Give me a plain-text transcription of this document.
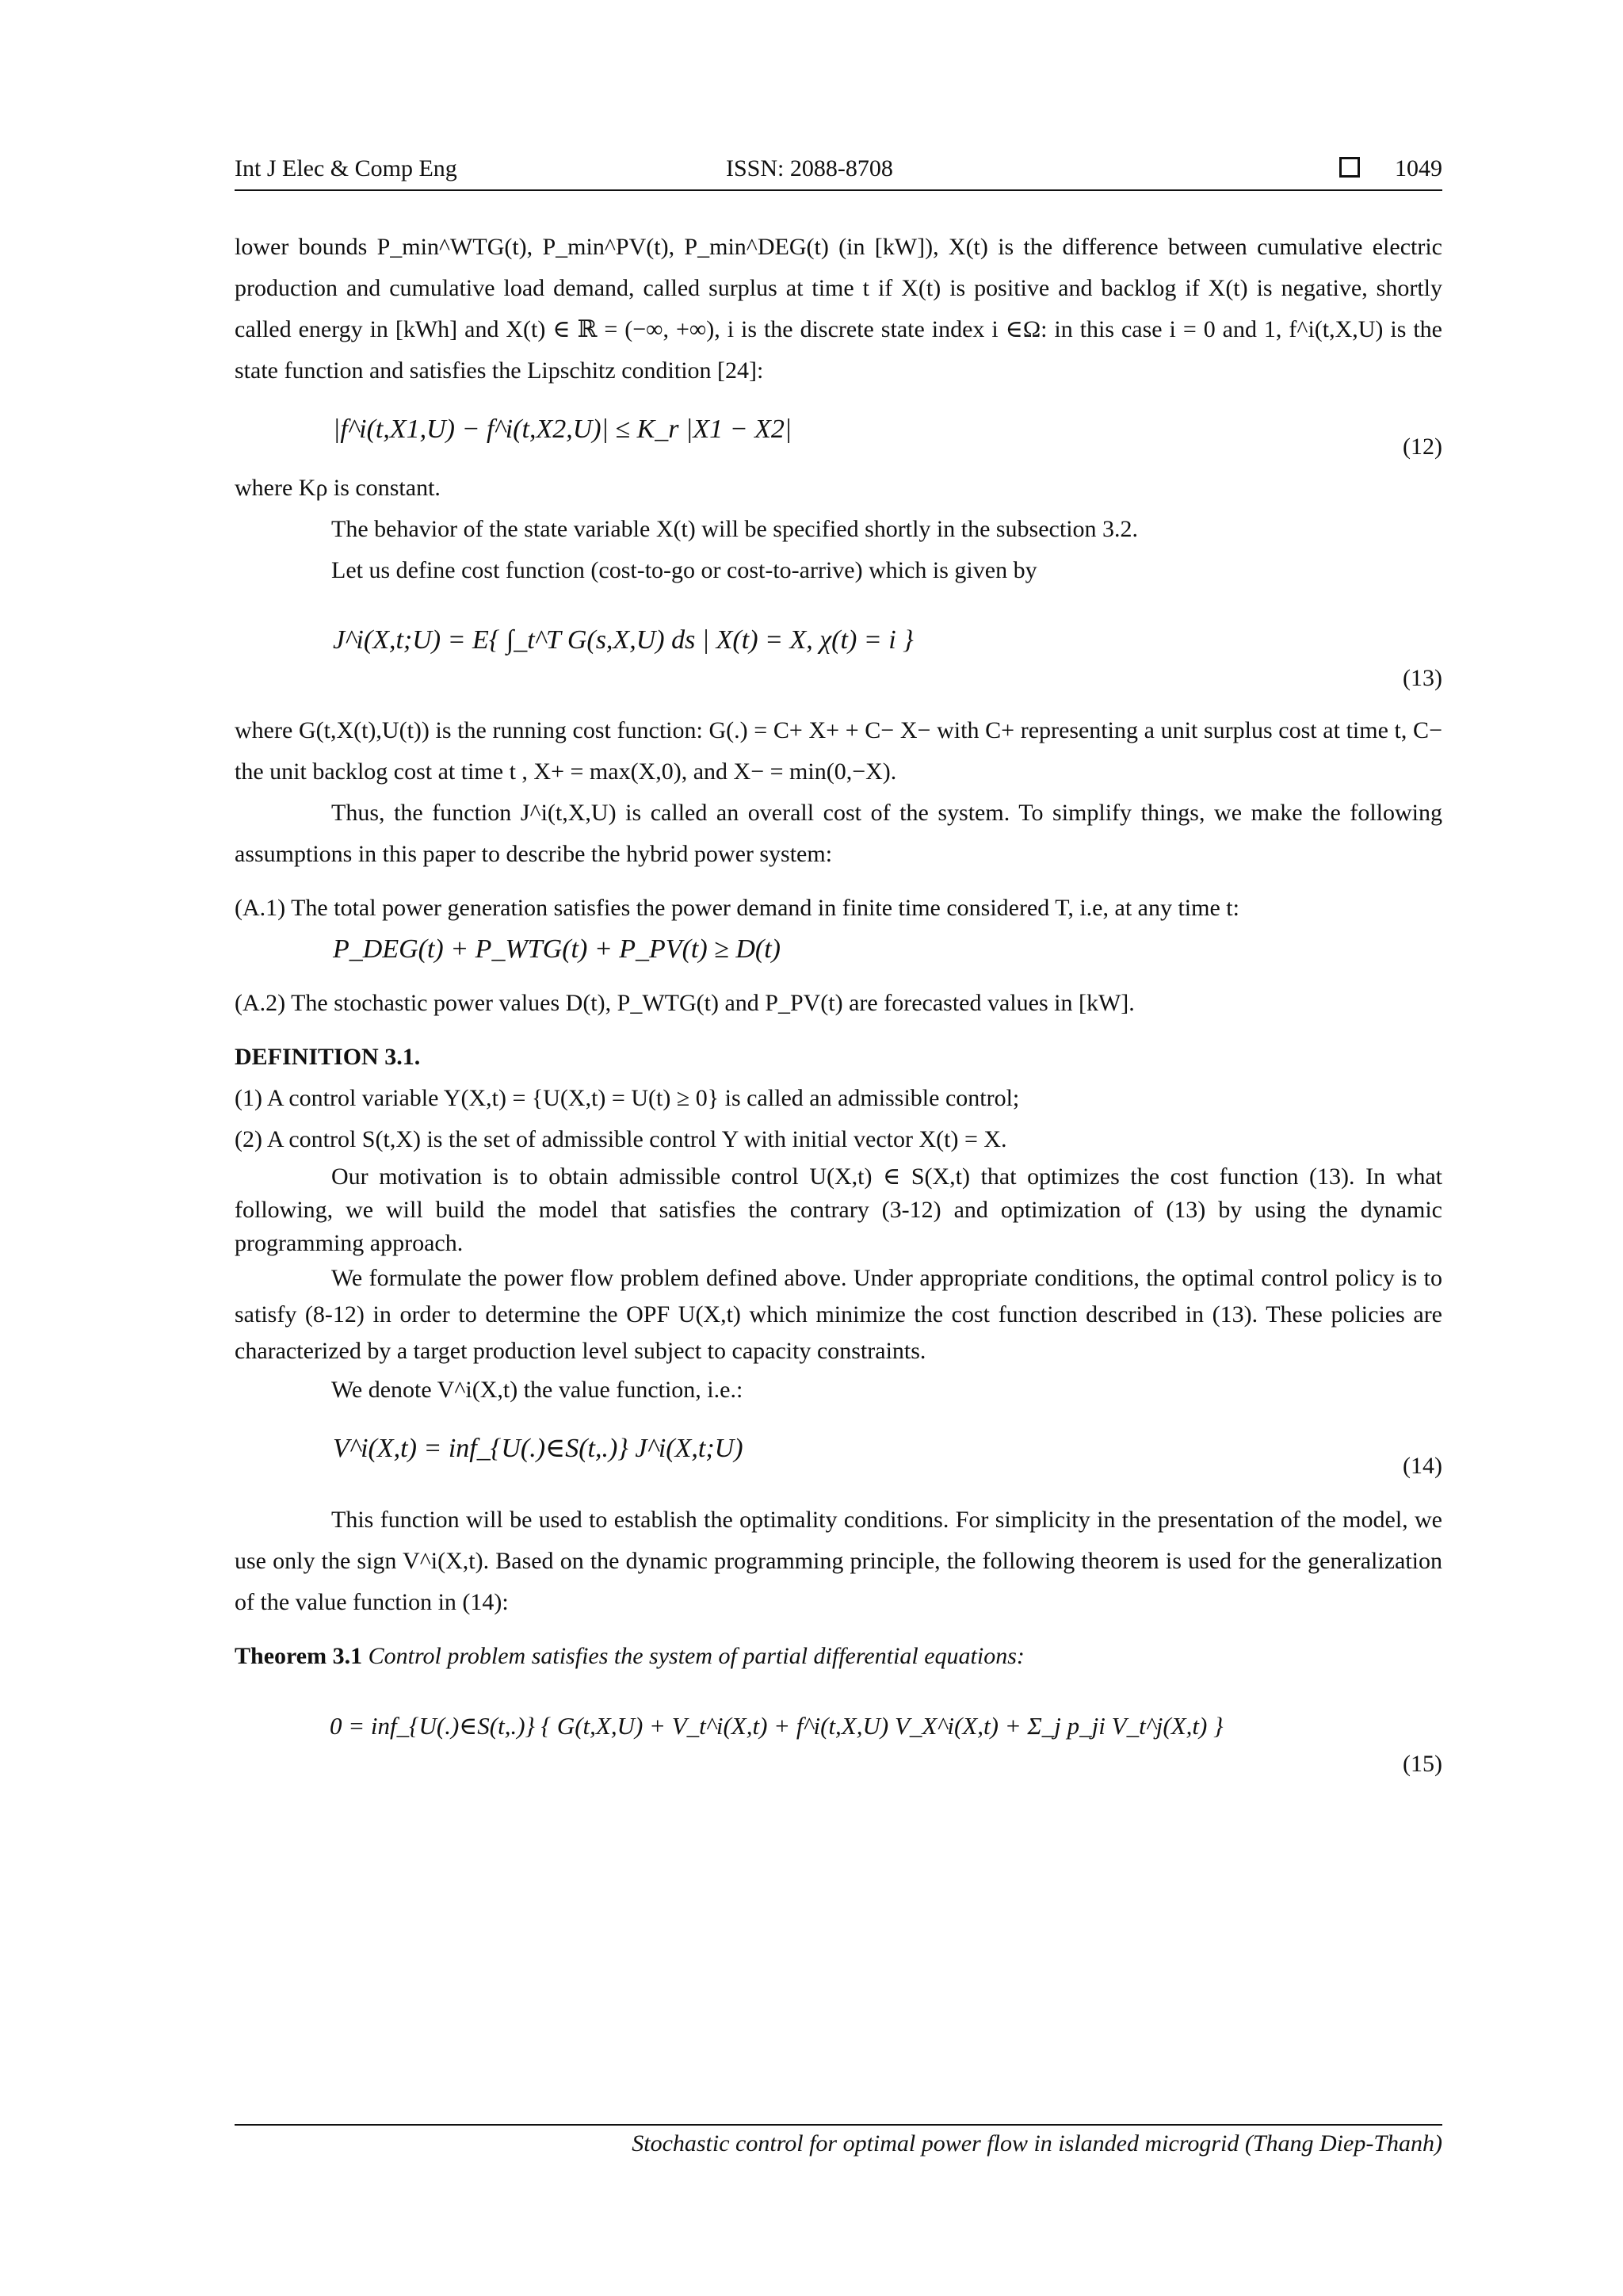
Int J Elec & Comp Eng	ISSN: 2088-8708	1049

lower bounds P_min^WTG(t), P_min^PV(t), P_min^DEG(t) (in [kW]), X(t) is the difference between cumulative electric production and cumulative load demand, called surplus at time t if X(t) is positive and backlog if X(t) is negative, shortly called energy in [kWh] and X(t) ∈ ℝ = (−∞, +∞), i is the discrete state index i ∈Ω: in this case i = 0 and 1, f^i(t,X,U) is the state function and satisfies the Lipschitz condition [24]:

|f^i(t,X1,U) − f^i(t,X2,U)| ≤ K_r |X1 − X2|
(12)

where Kρ is constant.

The behavior of the state variable X(t) will be specified shortly in the subsection 3.2.

Let us define cost function (cost-to-go or cost-to-arrive) which is given by

J^i(X,t;U) = E{ ∫_t^T G(s,X,U) ds | X(t) = X, χ(t) = i }
(13)

where G(t,X(t),U(t)) is the running cost function: G(.) = C+ X+ + C− X− with C+ representing a unit surplus cost at time t, C− the unit backlog cost at time t , X+ = max(X,0), and X− = min(0,−X).

Thus, the function J^i(t,X,U) is called an overall cost of the system. To simplify things, we make the following assumptions in this paper to describe the hybrid power system:

(A.1) The total power generation satisfies the power demand in finite time considered T, i.e, at any time t:

P_DEG(t) + P_WTG(t) + P_PV(t) ≥ D(t)

(A.2) The stochastic power values D(t), P_WTG(t) and P_PV(t) are forecasted values in [kW].

DEFINITION 3.1.

(1) A control variable Y(X,t) = {U(X,t) = U(t) ≥ 0} is called an admissible control;

(2) A control S(t,X) is the set of admissible control Y with initial vector X(t) = X.

Our motivation is to obtain admissible control U(X,t) ∈ S(X,t) that optimizes the cost function (13). In what following, we will build the model that satisfies the contrary (3-12) and optimization of (13) by using the dynamic programming approach.

We formulate the power flow problem defined above. Under appropriate conditions, the optimal control policy is to satisfy (8-12) in order to determine the OPF U(X,t) which minimize the cost function described in (13). These policies are characterized by a target production level subject to capacity constraints.

We denote V^i(X,t) the value function, i.e.:

V^i(X,t) = inf_{U(.)∈S(t,.)} J^i(X,t;U)
(14)

This function will be used to establish the optimality conditions. For simplicity in the presentation of the model, we use only the sign V^i(X,t). Based on the dynamic programming principle, the following theorem is used for the generalization of the value function in (14):

Theorem 3.1 Control problem satisfies the system of partial differential equations:

0 = inf_{U(.)∈S(t,.)} { G(t,X,U) + V_t^i(X,t) + f^i(t,X,U) V_X^i(X,t) + Σ_j p_ji V_t^j(X,t) }
(15)
Stochastic control for optimal power flow in islanded microgrid (Thang Diep-Thanh)
